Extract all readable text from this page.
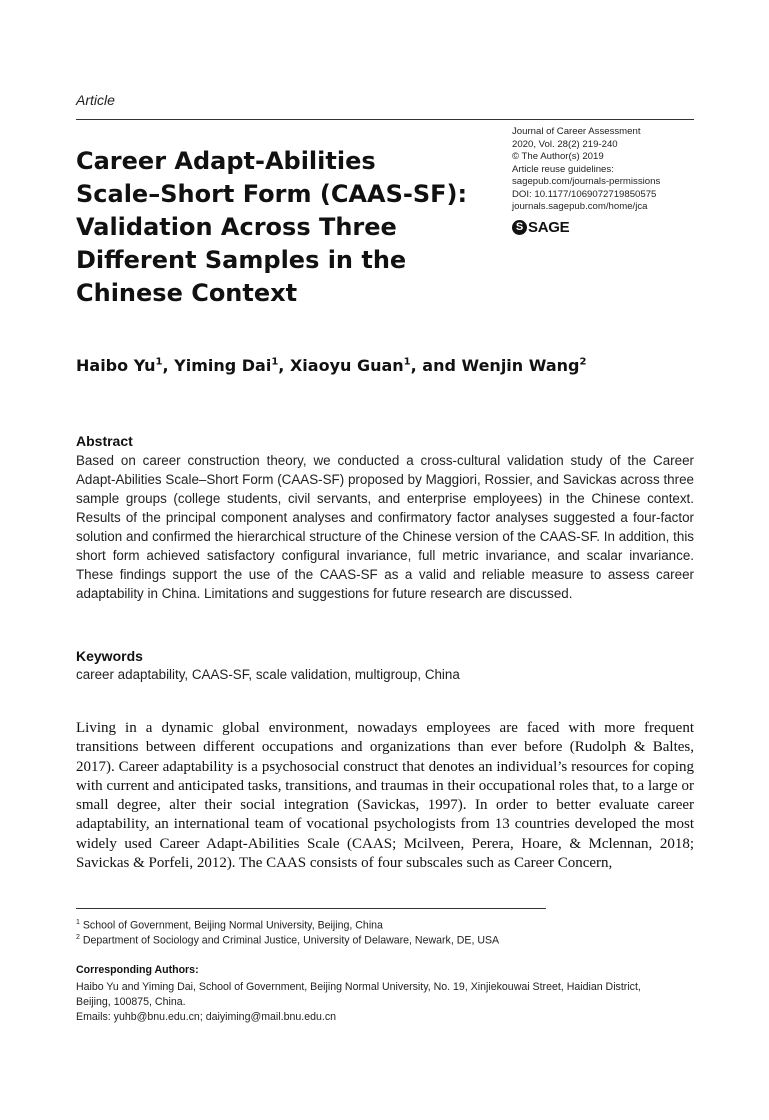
Article
Career Adapt-Abilities
Scale–Short Form (CAAS-SF):
Validation Across Three
Different Samples in the
Chinese Context
Journal of Career Assessment
2020, Vol. 28(2) 219-240
© The Author(s) 2019
Article reuse guidelines:
sagepub.com/journals-permissions
DOI: 10.1177/1069072719850575
journals.sagepub.com/home/jca
S SAGE
Haibo Yu$^1$, Yiming Dai$^1$, Xiaoyu Guan$^1$, and Wenjin Wang$^2$
Abstract
Based on career construction theory, we conducted a cross-cultural validation study of the Career Adapt-Abilities Scale–Short Form (CAAS-SF) proposed by Maggiori, Rossier, and Savickas across three sample groups (college students, civil servants, and enterprise employees) in the Chinese context. Results of the principal component analyses and confirmatory factor analyses suggested a four-factor solution and confirmed the hierarchical structure of the Chinese version of the CAAS-SF. In addition, this short form achieved satisfactory configural invariance, full metric invariance, and scalar invariance. These findings support the use of the CAAS-SF as a valid and reliable measure to assess career adaptability in China. Limitations and suggestions for future research are discussed.
Keywords
career adaptability, CAAS-SF, scale validation, multigroup, China
Living in a dynamic global environment, nowadays employees are faced with more frequent transitions between different occupations and organizations than ever before (Rudolph & Baltes, 2017). Career adaptability is a psychosocial construct that denotes an individual’s resources for coping with current and anticipated tasks, transitions, and traumas in their occupational roles that, to a large or small degree, alter their social integration (Savickas, 1997). In order to better evaluate career adaptability, an international team of vocational psychologists from 13 countries developed the most widely used Career Adapt-Abilities Scale (CAAS; Mcilveen, Perera, Hoare, & Mclennan, 2018; Savickas & Porfeli, 2012). The CAAS consists of four subscales such as Career Concern,
$^1$ School of Government, Beijing Normal University, Beijing, China
$^2$ Department of Sociology and Criminal Justice, University of Delaware, Newark, DE, USA
Corresponding Authors:
Haibo Yu and Yiming Dai, School of Government, Beijing Normal University, No. 19, Xinjiekouwai Street, Haidian District,
Beijing, 100875, China.
Emails: yuhb@bnu.edu.cn; daiyiming@mail.bnu.edu.cn
